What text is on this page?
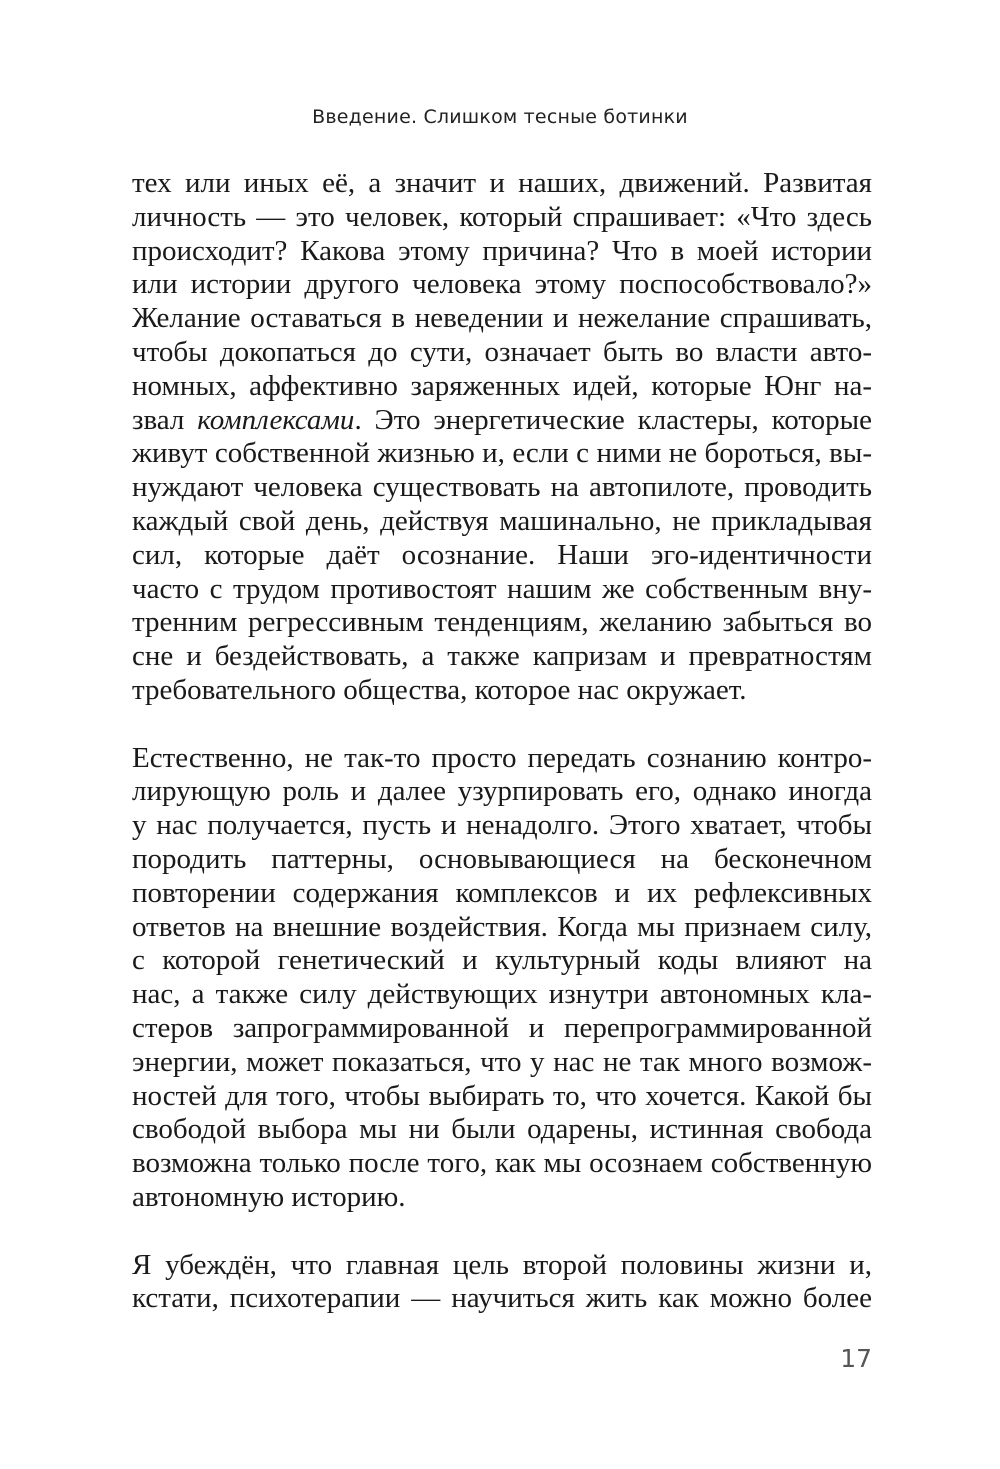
Введение. Слишком тесные ботинки
тех или иных её, а значит и наших, движений. Развитая
личность — это человек, который спрашивает: «Что здесь
происходит? Какова этому причина? Что в моей истории
или истории другого человека этому поспособствовало?»
Желание оставаться в неведении и нежелание спрашивать,
чтобы докопаться до сути, означает быть во власти авто-
номных, аффективно заряженных идей, которые Юнг на-
звал комплексами. Это энергетические кластеры, которые
живут собственной жизнью и, если с ними не бороться, вы-
нуждают человека существовать на автопилоте, проводить
каждый свой день, действуя машинально, не прикладывая
сил, которые даёт осознание. Наши эго-идентичности
часто с трудом противостоят нашим же собственным вну-
тренним регрессивным тенденциям, желанию забыться во
сне и бездействовать, а также капризам и превратностям
требовательного общества, которое нас окружает.
Естественно, не так-то просто передать сознанию контро-
лирующую роль и далее узурпировать его, однако иногда
у нас получается, пусть и ненадолго. Этого хватает, чтобы
породить паттерны, основывающиеся на бесконечном
повторении содержания комплексов и их рефлексивных
ответов на внешние воздействия. Когда мы признаем силу,
с которой генетический и культурный коды влияют на
нас, а также силу действующих изнутри автономных кла-
стеров запрограммированной и перепрограммированной
энергии, может показаться, что у нас не так много возмож-
ностей для того, чтобы выбирать то, что хочется. Какой бы
свободой выбора мы ни были одарены, истинная свобода
возможна только после того, как мы осознаем собственную
автономную историю.
Я убеждён, что главная цель второй половины жизни и,
кстати, психотерапии — научиться жить как можно более
17
